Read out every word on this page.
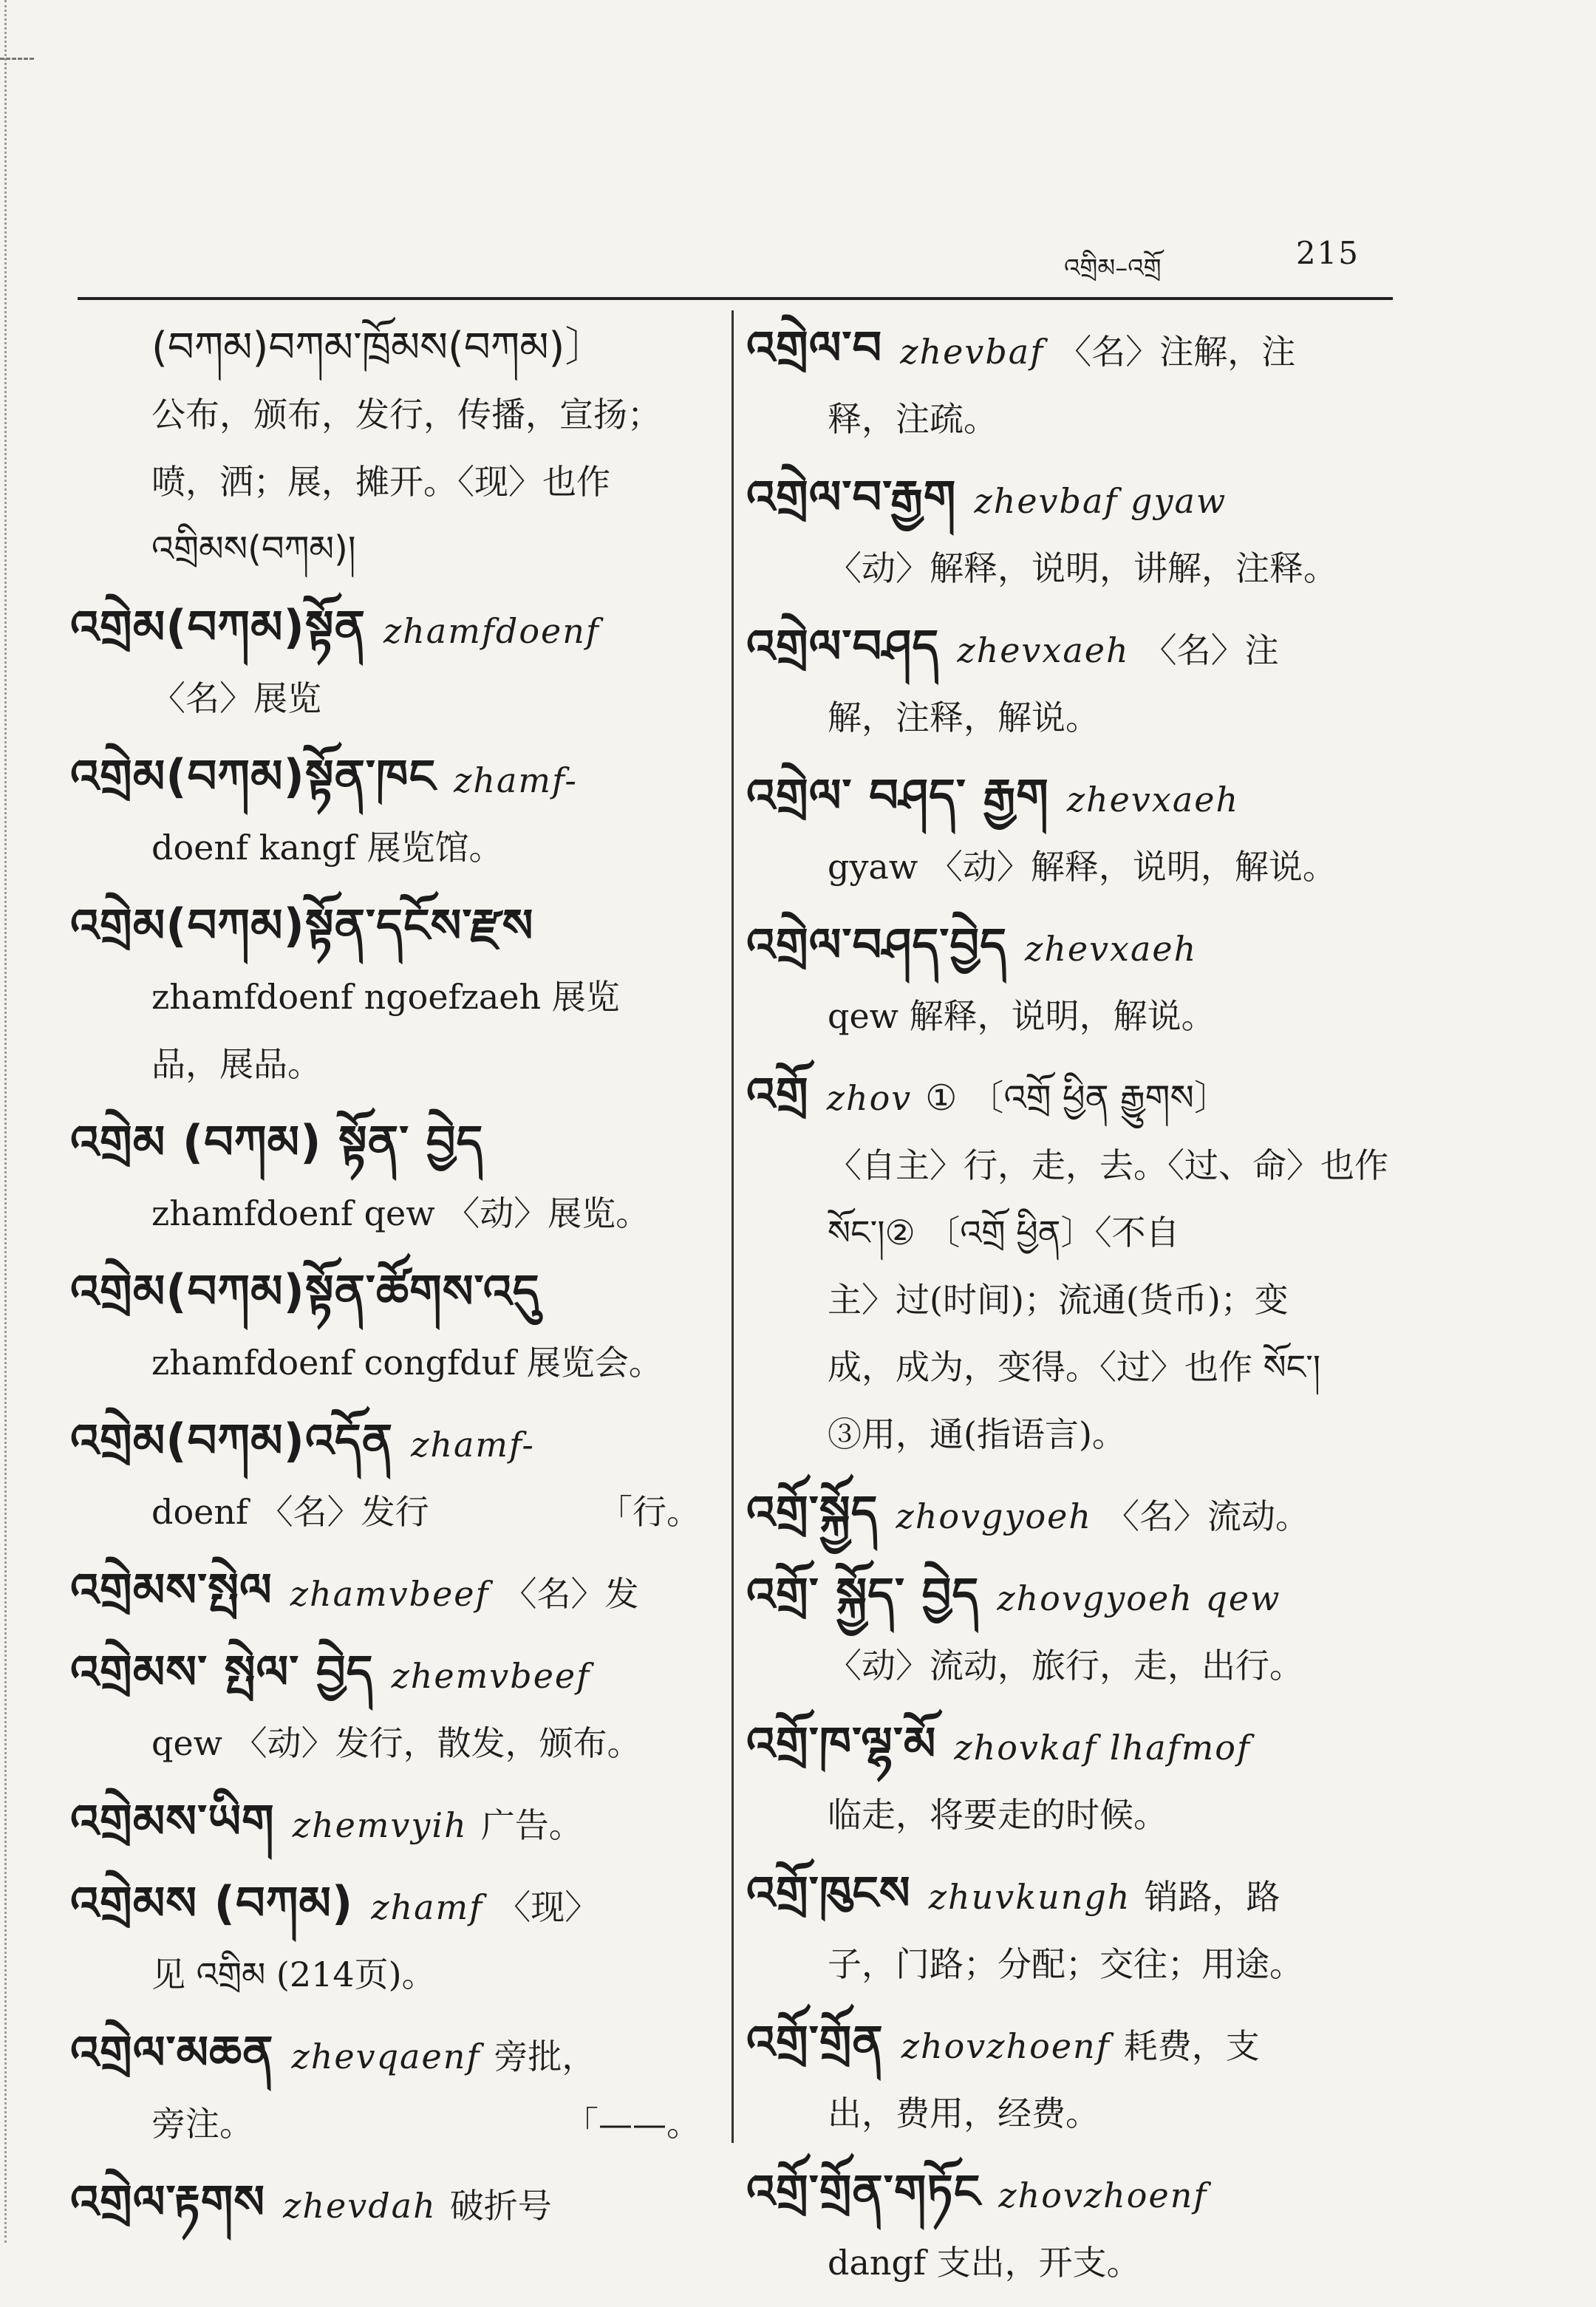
འགྲིམ–འགྲོ	215
(བཀམ)བཀམ་ཁྲོམས(བཀམ)〕
公布，颁布，发行，传播，宣扬；
喷，洒；展，摊开。〈现〉也作
འགྲིམས(བཀམ)།
འགྲེམ(བཀམ)སྟོན zhamfdoenf
〈名〉展览
འགྲེམ(བཀམ)སྟོན་ཁང zhamf-
doenf kangf 展览馆。
འགྲེམ(བཀམ)སྟོན་དངོས་རྫས
zhamfdoenf ngoefzaeh 展览
品，展品。
འགྲེམ (བཀམ) སྟོན་ བྱེད
zhamfdoenf qew 〈动〉展览。
འགྲེམ(བཀམ)སྟོན་ཚོགས་འདུ
zhamfdoenf congfduf 展览会。
འགྲེམ(བཀམ)འདོན zhamf-
doenf 〈名〉发行	「行。
འགྲེམས་སྤེལ zhamvbeef 〈名〉发
འགྲེམས་ སྤེལ་ བྱེད zhemvbeef
qew 〈动〉发行，散发，颁布。
འགྲེམས་ཡིག zhemvyih 广告。
འགྲེམས (བཀམ) zhamf 〈现〉
见 འགྲིམ (214页)。
འགྲེལ་མཆན zhevqaenf 旁批，
旁注。	「——。
འགྲེལ་རྟགས zhevdah 破折号
འགྲེལ་བ zhevbaf 〈名〉注解，注
释，注疏。
འགྲེལ་བ་རྒྱག zhevbaf gyaw
〈动〉解释，说明，讲解，注释。
འགྲེལ་བཤད zhevxaeh 〈名〉注
解，注释，解说。
འགྲེལ་ བཤད་ རྒྱག zhevxaeh
gyaw 〈动〉解释，说明，解说。
འགྲེལ་བཤད་བྱེད zhevxaeh
qew 解释，说明，解说。
འགྲོ zhov ① 〔འགྲོ ཕྱིན རྒྱུགས〕
〈自主〉行，走，去。〈过、命〉也作
སོང་།② 〔འགྲོ ཕྱིན〕〈不自
主〉过(时间)；流通(货币)；变
成，成为，变得。〈过〉也作 སོང་།
③用，通(指语言)。
འགྲོ་སྐྱོད zhovgyoeh 〈名〉流动。
འགྲོ་ སྐྱོད་ བྱེད zhovgyoeh qew
〈动〉流动，旅行，走，出行。
འགྲོ་ཁ་ལྷ་མོ zhovkaf lhafmof
临走，将要走的时候。
འགྲོ་ཁུངས zhuvkungh 销路，路
子，门路；分配；交往；用途。
འགྲོ་གྲོན zhovzhoenf 耗费，支
出，费用，经费。
འགྲོ་གྲོན་གཏོང zhovzhoenf
dangf 支出，开支。
